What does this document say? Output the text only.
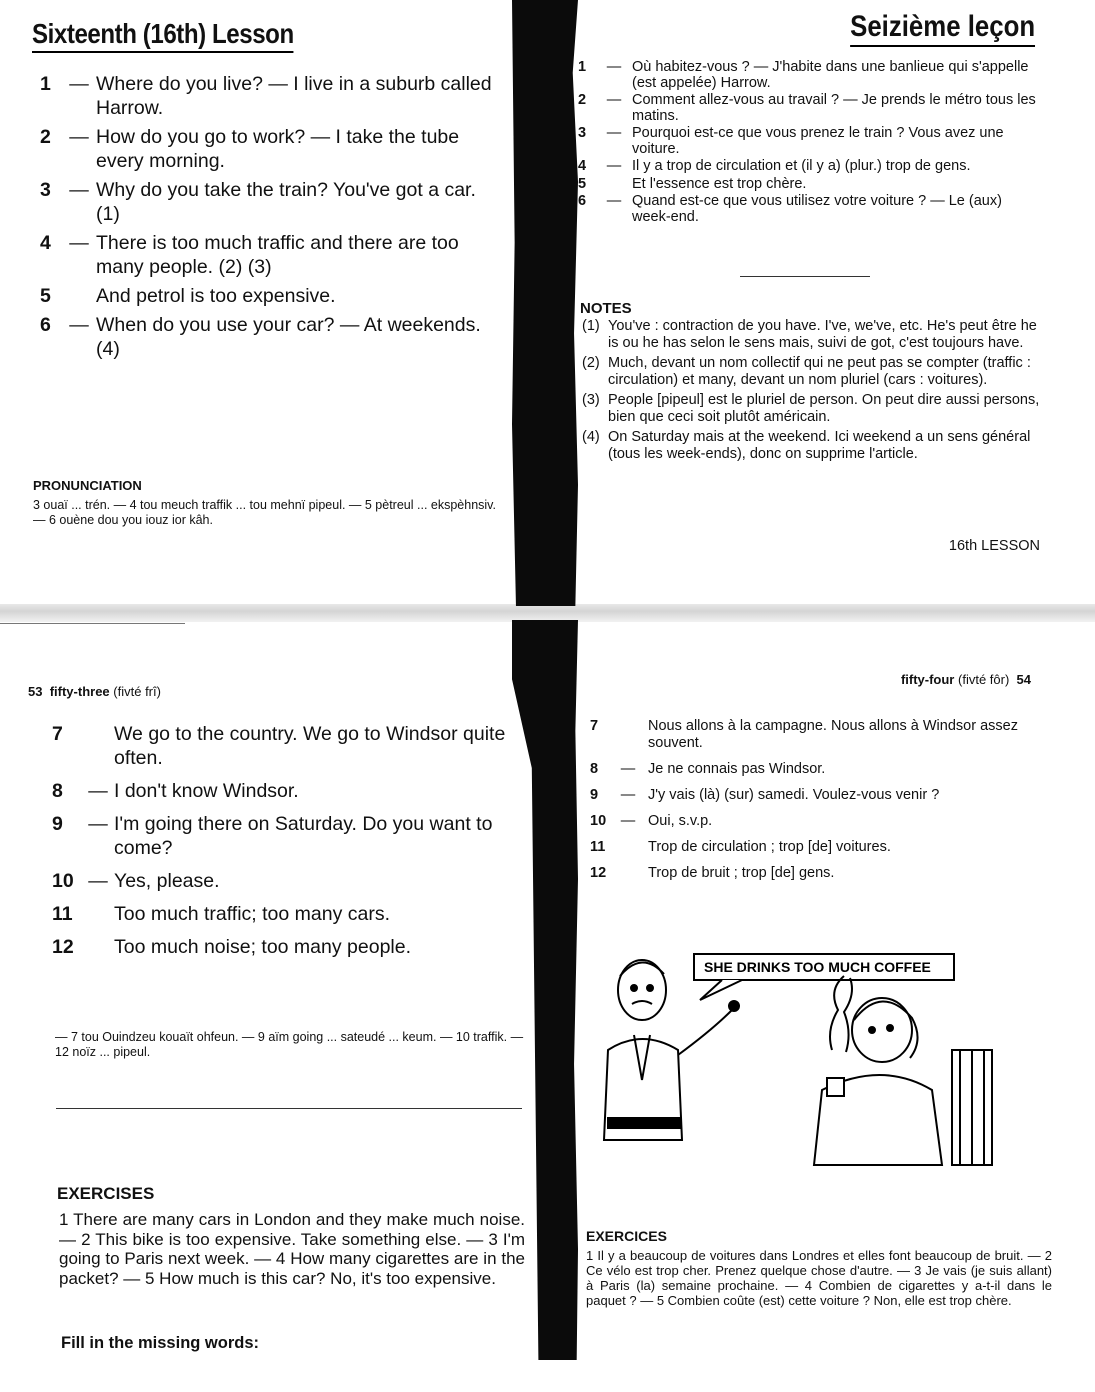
Sixteenth (16th) Lesson
1 — Where do you live? — I live in a suburb called Harrow.
2 — How do you go to work? — I take the tube every morning.
3 — Why do you take the train? You've got a car. (1)
4 — There is too much traffic and there are too many people. (2) (3)
5	And petrol is too expensive.
6 — When do you use your car? — At weekends. (4)
PRONUNCIATION
3 ouaï ... trén. — 4 tou meuch traffik ... tou mehnï pipeul. — 5 pètreul ... ekspèhnsiv. — 6 ouène dou you iouz ior kâh.
Seizième leçon
1	— Où habitez-vous ? — J'habite dans une banlieue qui s'appelle (est appelée) Harrow.
2	— Comment allez-vous au travail ? — Je prends le métro tous les matins.
3	— Pourquoi est-ce que vous prenez le train ? Vous avez une voiture.
4	— Il y a trop de circulation et (il y a) (plur.) trop de gens.
5	Et l'essence est trop chère.
6	— Quand est-ce que vous utilisez votre voiture ? — Le (aux) week-end.
NOTES
(1) You've : contraction de you have. I've, we've, etc. He's peut être he is ou he has selon le sens mais, suivi de got, c'est toujours have.
(2) Much, devant un nom collectif qui ne peut pas se compter (traffic : circulation) et many, devant un nom pluriel (cars : voitures).
(3) People [pipeul] est le pluriel de person. On peut dire aussi persons, bien que ceci soit plutôt américain.
(4) On Saturday mais at the weekend. Ici weekend a un sens général (tous les week-ends), donc on supprime l'article.
16th LESSON
53 fifty-three (fivté frî)
7	We go to the country. We go to Windsor quite often.
8	— I don't know Windsor.
9	— I'm going there on Saturday. Do you want to come?
10 — Yes, please.
11	Too much traffic; too many cars.
12	Too much noise; too many people.
— 7 tou Ouindzeu kouaït ohfeun. — 9 aïm going ... sateudé ... keum. — 10 traffik. — 12 noïz ... pipeul.
EXERCISES
1 There are many cars in London and they make much noise. — 2 This bike is too expensive. Take something else. — 3 I'm going to Paris next week. — 4 How many cigarettes are in the packet? — 5 How much is this car? No, it's too expensive.
Fill in the missing words:
fifty-four (fivté fôr) 54
7	Nous allons à la campagne. Nous allons à Windsor assez souvent.
8	— Je ne connais pas Windsor.
9	— J'y vais (là) (sur) samedi. Voulez-vous venir ?
10	— Oui, s.v.p.
11	Trop de circulation ; trop [de] voitures.
12	Trop de bruit ; trop [de] gens.
SHE DRINKS TOO MUCH COFFEE
EXERCICES
1 Il y a beaucoup de voitures dans Londres et elles font beaucoup de bruit. — 2 Ce vélo est trop cher. Prenez quelque chose d'autre. — 3 Je vais (je suis allant) à Paris (la) semaine prochaine. — 4 Combien de cigarettes y a-t-il dans le paquet ? — 5 Combien coûte (est) cette voiture ? Non, elle est trop chère.
